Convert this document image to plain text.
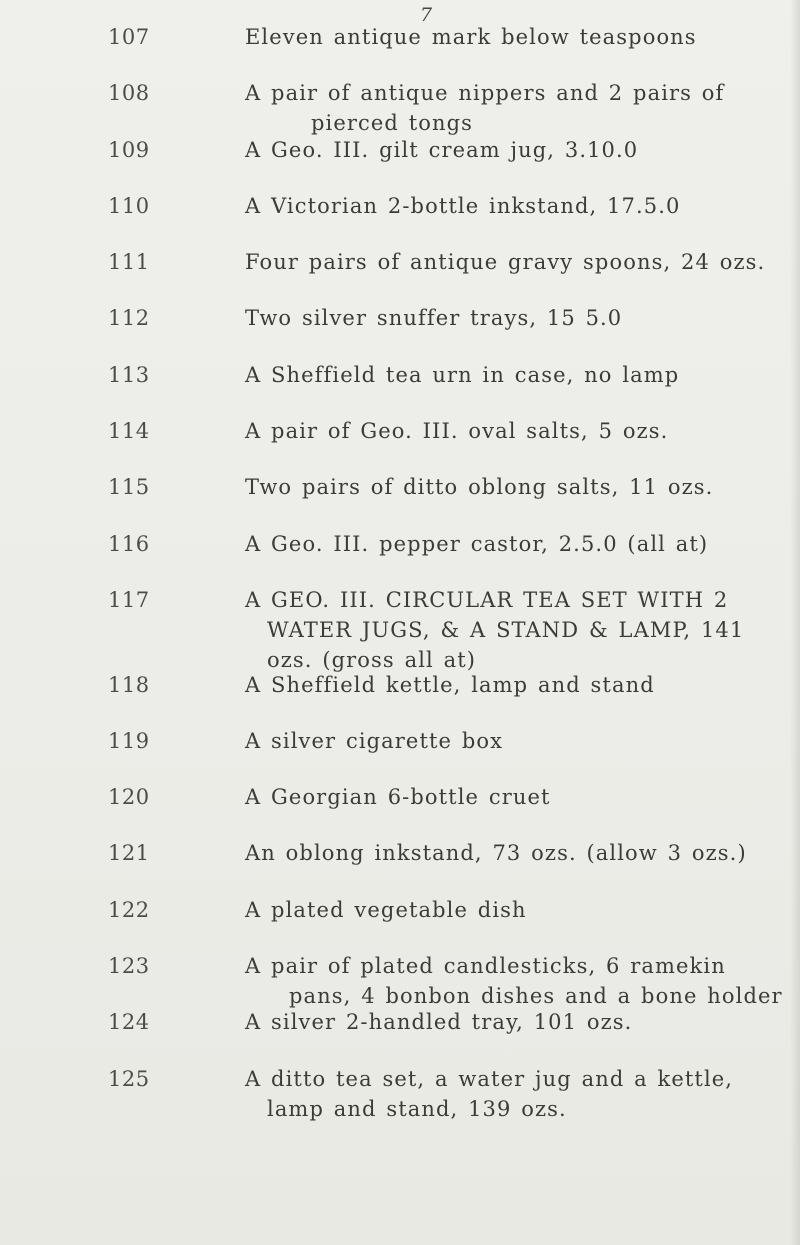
7
107	Eleven antique mark below teaspoons
108	A pair of antique nippers and 2 pairs of pierced tongs
109	A Geo. III. gilt cream jug, 3.10.0
110	A Victorian 2-bottle inkstand, 17.5.0
111	Four pairs of antique gravy spoons, 24 ozs.
112	Two silver snuffer trays, 15 5.0
113	A Sheffield tea urn in case, no lamp
114	A pair of Geo. III. oval salts, 5 ozs.
115	Two pairs of ditto oblong salts, 11 ozs.
116	A Geo. III. pepper castor, 2.5.0 (all at)
117	A GEO. III. CIRCULAR TEA SET WITH 2 WATER JUGS, & A STAND & LAMP, 141 ozs. (gross all at)
118	A Sheffield kettle, lamp and stand
119	A silver cigarette box
120	A Georgian 6-bottle cruet
121	An oblong inkstand, 73 ozs. (allow 3 ozs.)
122	A plated vegetable dish
123	A pair of plated candlesticks, 6 ramekin pans, 4 bonbon dishes and a bone holder
124	A silver 2-handled tray, 101 ozs.
125	A ditto tea set, a water jug and a kettle, lamp and stand, 139 ozs.
